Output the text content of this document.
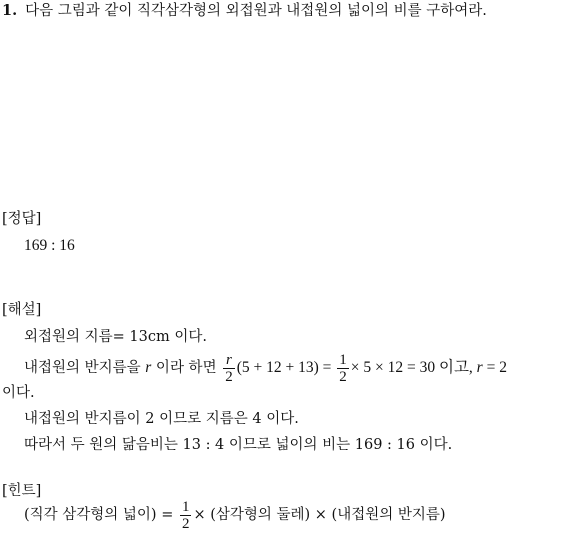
1. 다음 그림과 같이 직각삼각형의 외접원과 내접원의 넓이의 비를 구하여라.
[정답]
169 : 16
[해설]
외접원의 지름= 13cm 이다.
내접원의 반지름을 r 이라 하면 $\frac{r}{2} (5 + 12 + 13) = \frac{1}{2} \times 5 \times 12 = 30$ 이고, r = 2
이다.
내접원의 반지름이 2 이므로 지름은 4 이다.
따라서 두 원의 닮음비는 13 : 4 이므로 넓이의 비는 169 : 16 이다.
[힌트]
(직각 삼각형의 넓이) = $\frac{1}{2}$ × (삼각형의 둘레) × (내접원의 반지름)
